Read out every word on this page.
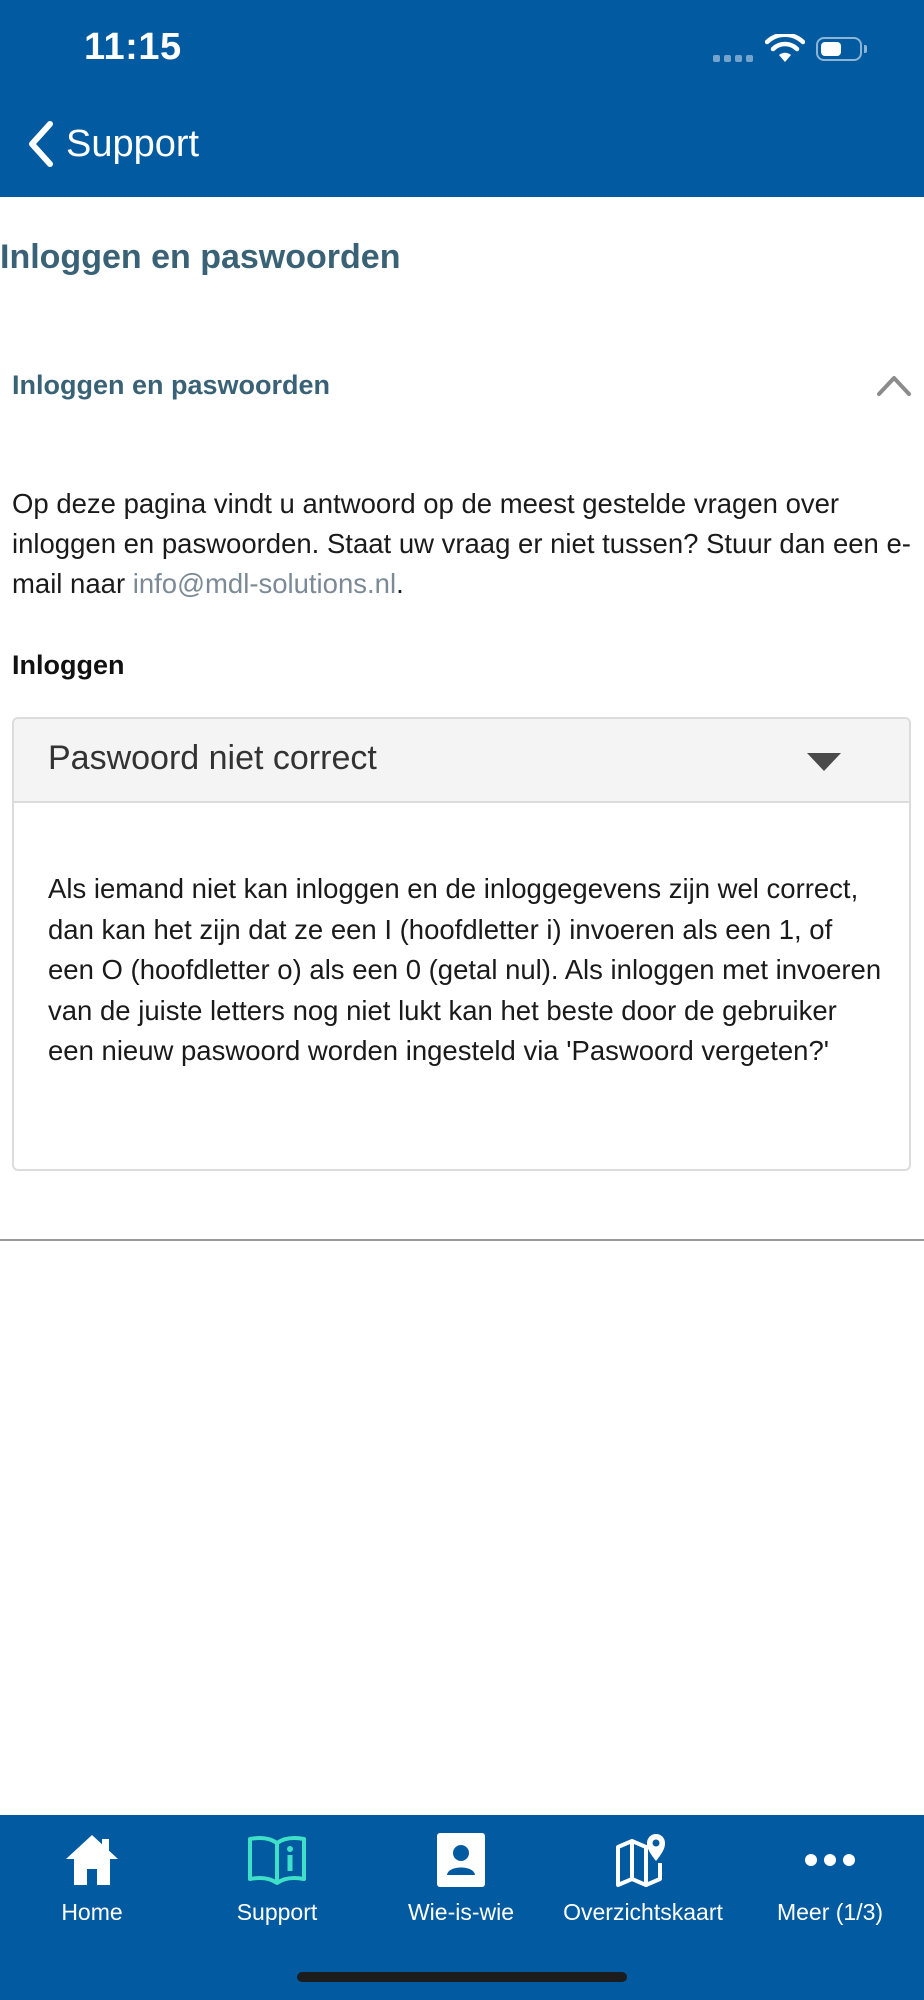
11:15
Support
Inloggen en paswoorden
Inloggen en paswoorden
Op deze pagina vindt u antwoord op de meest gestelde vragen over inloggen en paswoorden. Staat uw vraag er niet tussen? Stuur dan een e-mail naar info@mdl-solutions.nl.
Inloggen
Paswoord niet correct
Als iemand niet kan inloggen en de inloggegevens zijn wel correct, dan kan het zijn dat ze een I (hoofdletter i) invoeren als een 1, of een O (hoofdletter o) als een 0 (getal nul). Als inloggen met invoeren van de juiste letters nog niet lukt kan het beste door de gebruiker een nieuw paswoord worden ingesteld via 'Paswoord vergeten?'
Home	Support	Wie-is-wie	Overzichtskaart	Meer (1/3)
